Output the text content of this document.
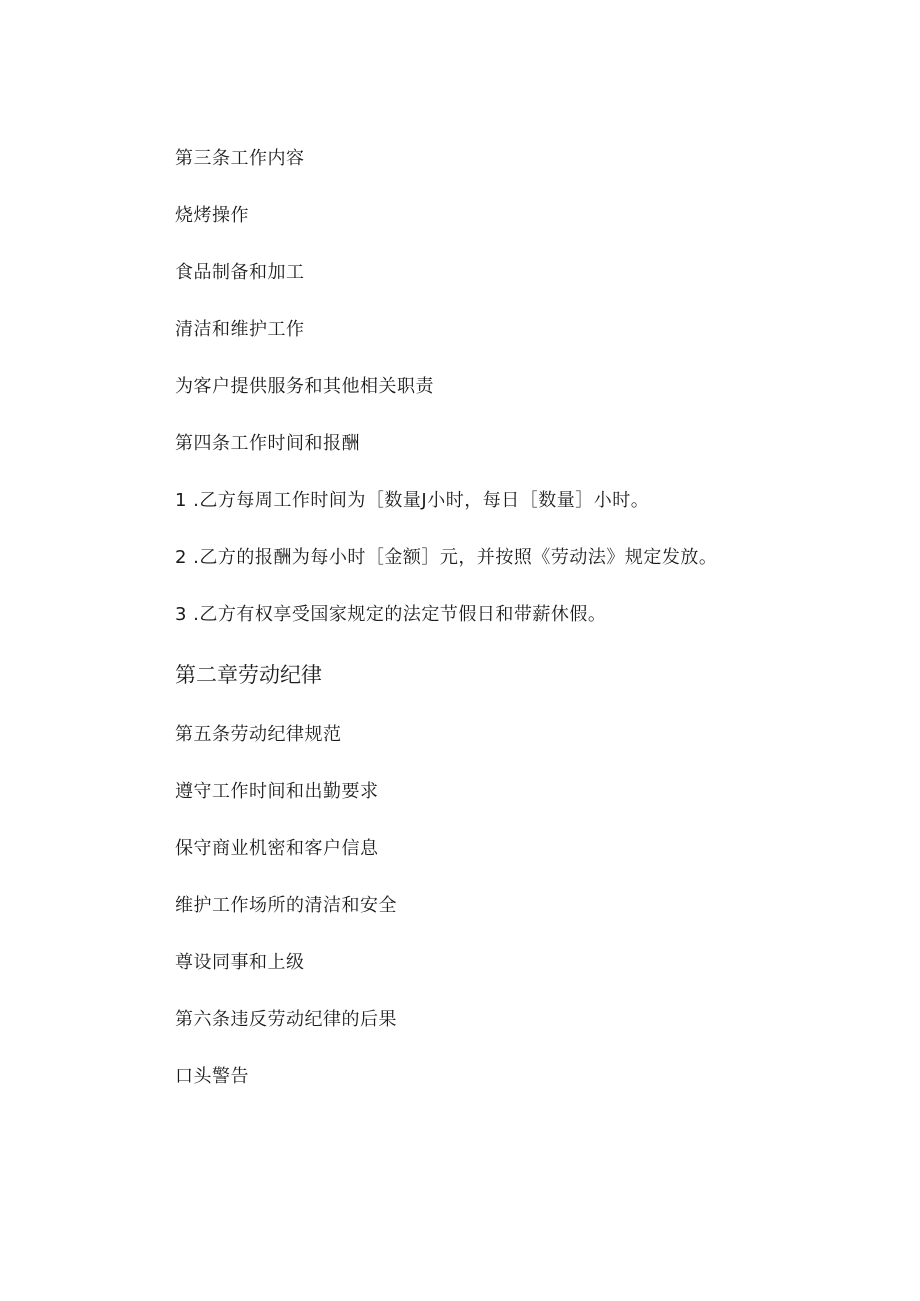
第三条工作内容
烧烤操作
食品制备和加工
清洁和维护工作
为客户提供服务和其他相关职责
第四条工作时间和报酬
1 .乙方每周工作时间为［数量J小时，每日［数量］小时。
2 .乙方的报酬为每小时［金额］元，并按照《劳动法》规定发放。
3 .乙方有权享受国家规定的法定节假日和带薪休假。
第二章劳动纪律
第五条劳动纪律规范
遵守工作时间和出勤要求
保守商业机密和客户信息
维护工作场所的清洁和安全
尊设同事和上级
第六条违反劳动纪律的后果
口头警告
